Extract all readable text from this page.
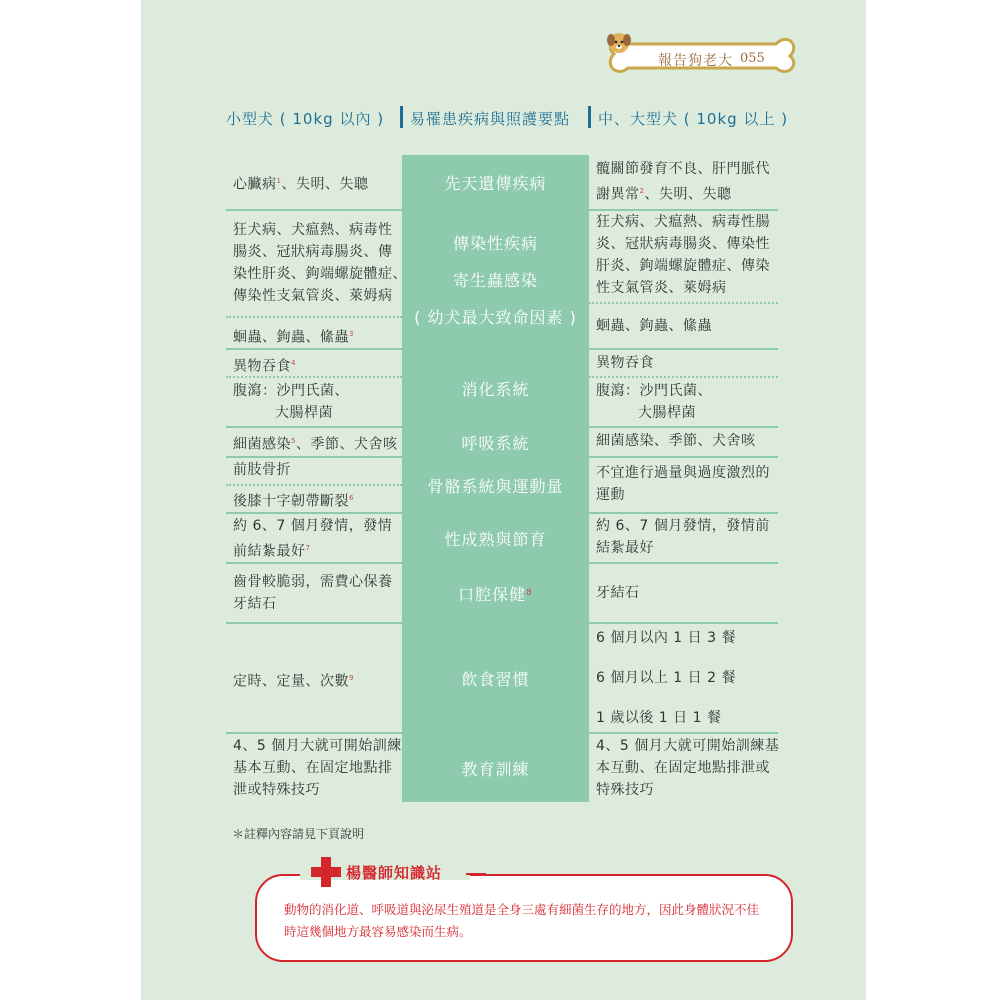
報告狗老大 055
小型犬 ( 10kg 以內 ) 易罹患疾病與照護要點 中、大型犬 ( 10kg 以上 )
先天遺傳疾病
傳染性疾病
寄生蟲感染
( 幼犬最大致命因素 )
消化系統
呼吸系統
骨骼系統與運動量
性成熟與節育
口腔保健 8
飲食習慣
教育訓練
心臟病$^1$、失明、失聰
髖關節發育不良、肝門脈代
謝異常$^2$、失明、失聰
狂犬病、犬瘟熱、病毒性
腸炎、冠狀病毒腸炎、傳
染性肝炎、鉤端螺旋體症、
傳染性支氣管炎、萊姆病
蛔蟲、鉤蟲、絛蟲$^3$
狂犬病、犬瘟熱、病毒性腸
炎、冠狀病毒腸炎、傳染性
肝炎、鉤端螺旋體症、傳染
性支氣管炎、萊姆病
蛔蟲、鉤蟲、絛蟲
異物吞食$^4$
腹瀉：沙門氏菌、
大腸桿菌
異物吞食
腹瀉：沙門氏菌、
大腸桿菌
細菌感染$^5$、季節、犬舍咳	細菌感染、季節、犬舍咳
前肢骨折
後膝十字韌帶斷裂$^6$
不宜進行過量與過度激烈的
運動
約 6、7 個月發情，發情
前結紮最好$^7$
約 6、7 個月發情，發情前
結紮最好
齒骨較脆弱，需費心保養
牙結石
牙結石
定時、定量、次數$^9$
6 個月以內 1 日 3 餐
6 個月以上 1 日 2 餐
1 歲以後 1 日 1 餐
4、5 個月大就可開始訓練
基本互動、在固定地點排
泄或特殊技巧
4、5 個月大就可開始訓練基
本互動、在固定地點排泄或
特殊技巧
＊註釋內容請見下頁說明
楊醫師知識站
動物的消化道、呼吸道與泌尿生殖道是全身三處有細菌生存的地方，因此身體狀況不佳時這幾個地方最容易感染而生病。
